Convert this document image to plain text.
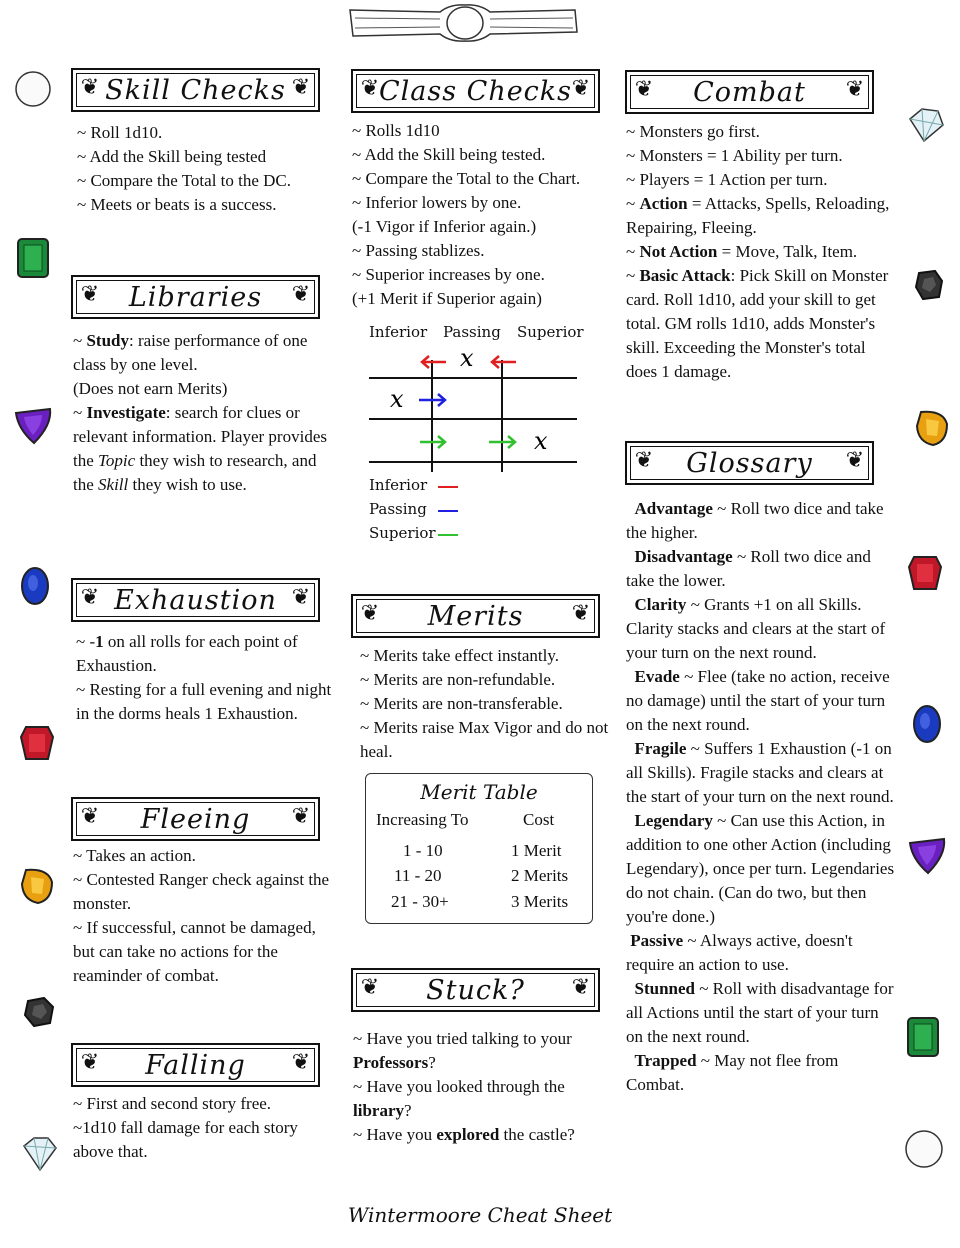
❦ Skill Checks ❦

~ Roll 1d10.

~ Add the Skill being tested

~ Compare the Total to the DC.

~ Meets or beats is a success.

❦	Libraries	❦

~ Study: raise performance of one class by one level.

(Does not earn Merits)

~ Investigate: search for clues or relevant information. Player provides the Topic they wish to research, and the Skill they wish to use.

❦ Exhaustion ❦

~ -1 on all rolls for each point of Exhaustion.

~ Resting for a full evening and night in the dorms heals 1 Exhaustion.

❦	Fleeing	❦

~ Takes an action.

~ Contested Ranger check against the monster.

~ If successful, cannot be damaged, but can take no actions for the reaminder of combat.

❦	Falling	❦

~ First and second story free.

~1d10 fall damage for each story above that.

❦ Class Checks ❦

~ Rolls 1d10

~ Add the Skill being tested.

~ Compare the Total to the Chart.

~ Inferior lowers by one.

(-1 Vigor if Inferior again.)

~ Passing stablizes.

~ Superior increases by one.

(+1 Merit if Superior again)

Inferior Passing Superior
x
x
x
Inferior
Passing
Superior
❦	Merits	❦

~ Merits take effect instantly.

~ Merits are non-refundable.

~ Merits are non-transferable.

~ Merits raise Max Vigor and do not heal.

Merit Table
Increasing To	Cost
1 - 10	1 Merit
11 - 20	2 Merits
21 - 30+	3 Merits
❦	Stuck?	❦

~ Have you tried talking to your Professors?

~ Have you looked through the library?

~ Have you explored the castle?

❦	Combat	❦

~ Monsters go first.

~ Monsters = 1 Ability per turn.

~ Players = 1 Action per turn.

~ Action = Attacks, Spells, Reloading, Repairing, Fleeing.

~ Not Action = Move, Talk, Item.

~ Basic Attack: Pick Skill on Monster card. Roll 1d10, add your skill to get total. GM rolls 1d10, adds Monster's skill. Exceeding the Monster's total does 1 damage.

❦	Glossary	❦

Advantage ~ Roll two dice and take the higher.

Disadvantage ~ Roll two dice and take the lower.

Clarity ~ Grants +1 on all Skills. Clarity stacks and clears at the start of your turn on the next round.

Evade ~ Flee (take no action, receive no damage) until the start of your turn on the next round.

Fragile ~ Suffers 1 Exhaustion (-1 on all Skills). Fragile stacks and clears at the start of your turn on the next round.

Legendary ~ Can use this Action, in addition to one other Action (including Legendary), once per turn. Legendaries do not chain. (Can do two, but then you're done.)

Passive ~ Always active, doesn't require an action to use.

Stunned ~ Roll with disadvantage for all Actions until the start of your turn on the next round.

Trapped ~ May not flee from Combat.

Wintermoore Cheat Sheet
